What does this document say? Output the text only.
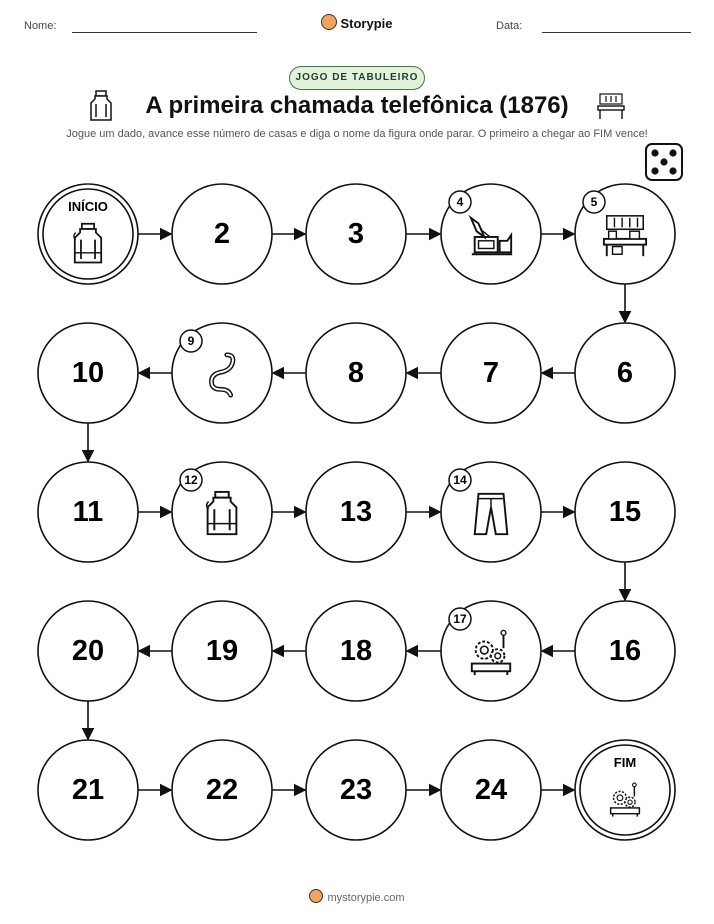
Nome:	Storypie	Data:
JOGO DE TABULEIRO
A primeira chamada telefônica (1876)
Jogue um dado, avance esse número de casas e diga o nome da figura onde parar. O primeiro a chegar ao FIM vence!
INÍCIO
2	3
4	5
10
9
8	7	6
11
12
13
14
15
20	19	18
17
16
21	22	23	24
FIM
mystorypie.com
